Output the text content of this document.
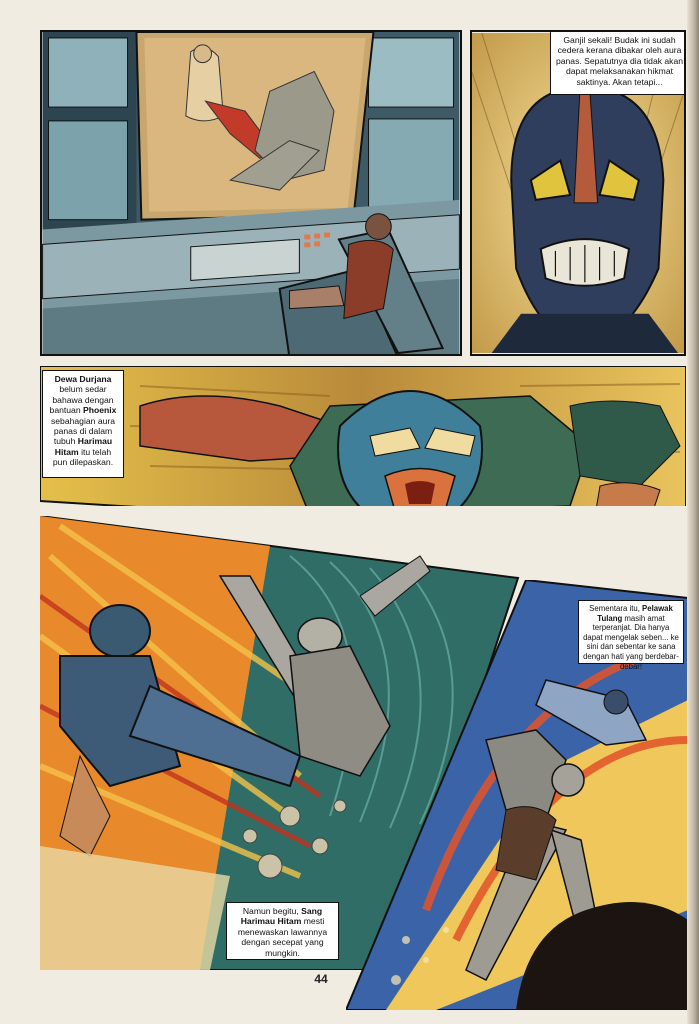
Ganjil sekali! Budak ini sudah cedera kerana dibakar oleh aura panas. Sepatutnya dia tidak akan dapat melaksanakan hikmat saktinya. Akan tetapi...
Dewa Durjana belum sedar bahawa dengan bantuan Phoenix sebahagian aura panas di dalam tubuh Harimau Hitam itu telah pun dilepaskan.
Namun begitu, Sang Harimau Hitam mesti menewaskan lawannya dengan secepat yang mungkin.
Sementara itu, Pelawak Tulang masih amat terperanjat. Dia hanya dapat mengelak seben... ke sini dan sebentar ke sana dengan hati yang berdebar-debar!
44
